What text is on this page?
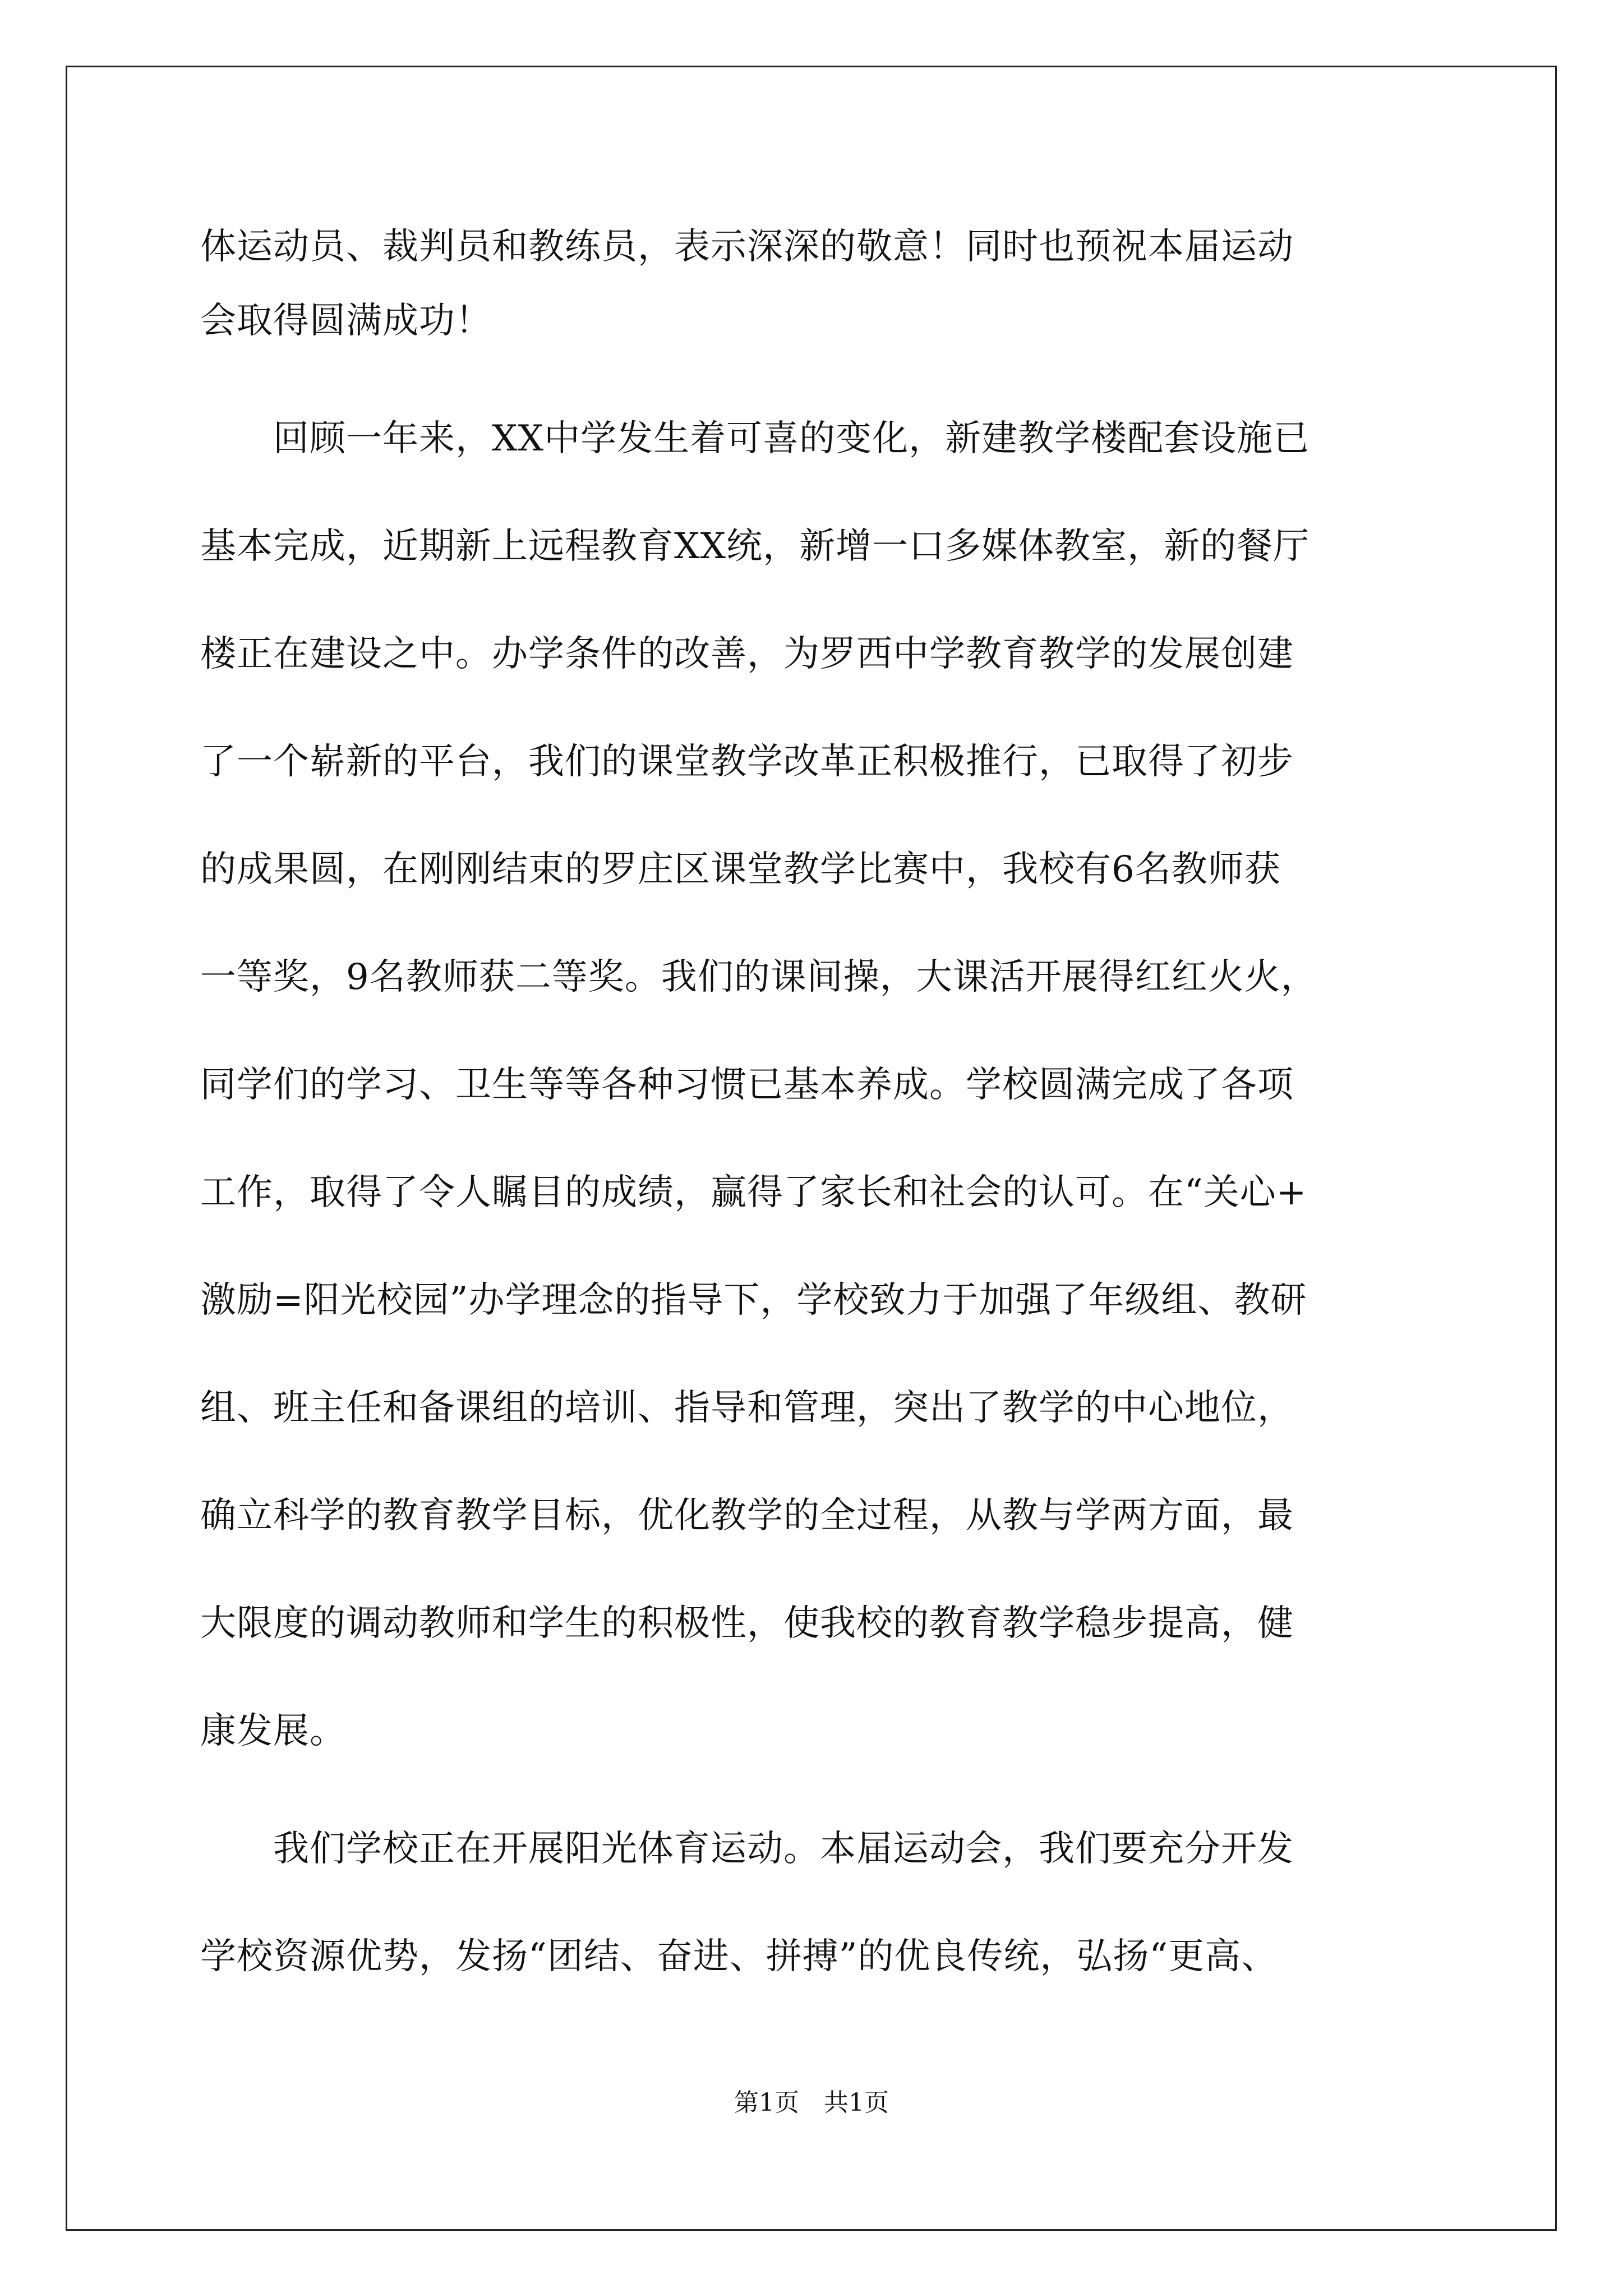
体运动员、裁判员和教练员，表示深深的敬意！同时也预祝本届运动
会取得圆满成功！
　　回顾一年来，XX中学发生着可喜的变化，新建教学楼配套设施已
基本完成，近期新上远程教育XX统，新增一口多媒体教室，新的餐厅
楼正在建设之中。办学条件的改善，为罗西中学教育教学的发展创建
了一个崭新的平台，我们的课堂教学改革正积极推行，已取得了初步
的成果圆，在刚刚结束的罗庄区课堂教学比赛中，我校有6名教师获
一等奖，9名教师获二等奖。我们的课间操，大课活开展得红红火火，
同学们的学习、卫生等等各种习惯已基本养成。学校圆满完成了各项
工作，取得了令人瞩目的成绩，赢得了家长和社会的认可。在“关心+
激励=阳光校园”办学理念的指导下，学校致力于加强了年级组、教研
组、班主任和备课组的培训、指导和管理，突出了教学的中心地位，
确立科学的教育教学目标，优化教学的全过程，从教与学两方面，最
大限度的调动教师和学生的积极性，使我校的教育教学稳步提高，健
康发展。
　　我们学校正在开展阳光体育运动。本届运动会，我们要充分开发
学校资源优势，发扬“团结、奋进、拼搏”的优良传统，弘扬“更高、
第1页　共1页
